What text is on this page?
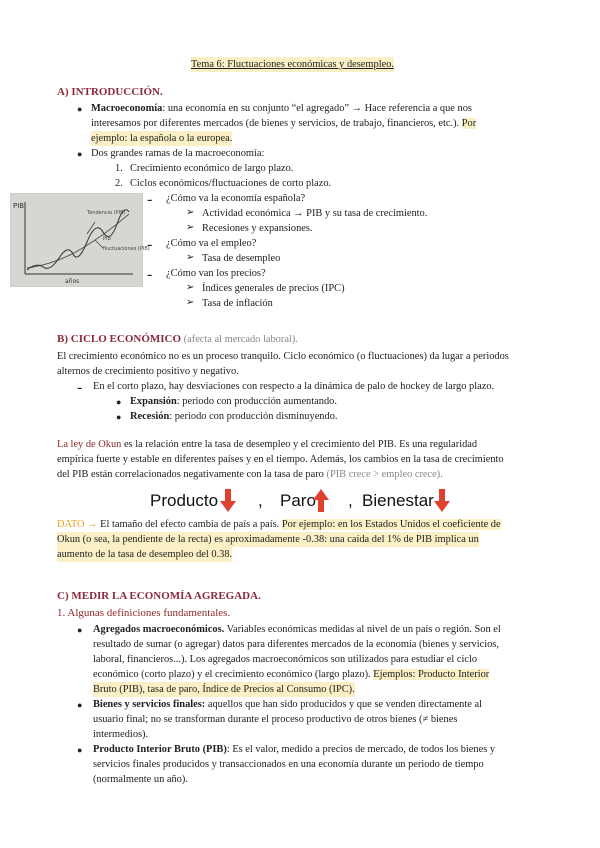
Tema 6: Fluctuaciones económicas y desempleo.
A) INTRODUCCIÓN.
● Macroeconomía: una economía en su conjunto “el agregado” → Hace referencia a que nos
interesamos por diferentes mercados (de bienes y servicios, de trabajo, financieros, etc.). Por
ejemplo: la española o la europea.
● Dos grandes ramas de la macroeconomía:
1. Crecimiento económico de largo plazo.
2. Ciclos económicos/fluctuaciones de corto plazo.
PIB
Tendencia (PIB)
PIB
fluctuaciones (PIB)
años
- ¿Cómo va la economía española?
➢ Actividad económica → PIB y su tasa de crecimiento.
➢ Recesiones y expansiones.
- ¿Cómo va el empleo?
➢ Tasa de desempleo
- ¿Cómo van los precios?
➢ Índices generales de precios (IPC)
➢ Tasa de inflación
B) CICLO ECONÓMICO (afecta al mercado laboral).
El crecimiento económico no es un proceso tranquilo. Ciclo económico (o fluctuaciones) da lugar a periodos
alternos de crecimiento positivo y negativo.
- En el corto plazo, hay desviaciones con respecto a la dinámica de palo de hockey de largo plazo.
● Expansión: periodo con producción aumentando.
● Recesión: periodo con producción disminuyendo.
La ley de Okun es la relación entre la tasa de desempleo y el crecimiento del PIB. Es una regularidad
empírica fuerte y estable en diferentes países y en el tiempo. Además, los cambios en la tasa de crecimiento
del PIB están correlacionados negativamente con la tasa de paro (PIB crece > empleo crece).
Producto , Paro , Bienestar
DATO → El tamaño del efecto cambia de país a país. Por ejemplo: en los Estados Unidos el coeficiente de
Okun (o sea, la pendiente de la recta) es aproximadamente -0.38: una caída del 1% de PIB implica un
aumento de la tasa de desempleo del 0.38.
C) MEDIR LA ECONOMÍA AGREGADA.
1. Algunas definiciones fundamentales.
● Agregados macroeconómicos. Variables económicas medidas al nivel de un país o región. Son el
resultado de sumar (o agregar) datos para diferentes mercados de la economía (bienes y servicios,
laboral, financieros...). Los agregados macroeconómicos son utilizados para estudiar el ciclo
económico (corto plazo) y el crecimiento económico (largo plazo). Ejemplos: Producto Interior
Bruto (PIB), tasa de paro, Índice de Precios al Consumo (IPC).
● Bienes y servicios finales: aquellos que han sido producidos y que se venden directamente al
usuario final; no se transforman durante el proceso productivo de otros bienes (≠ bienes
intermedios).
● Producto Interior Bruto (PIB): Es el valor, medido a precios de mercado, de todos los bienes y
servicios finales producidos y transaccionados en una economía durante un periodo de tiempo
(normalmente un año).
